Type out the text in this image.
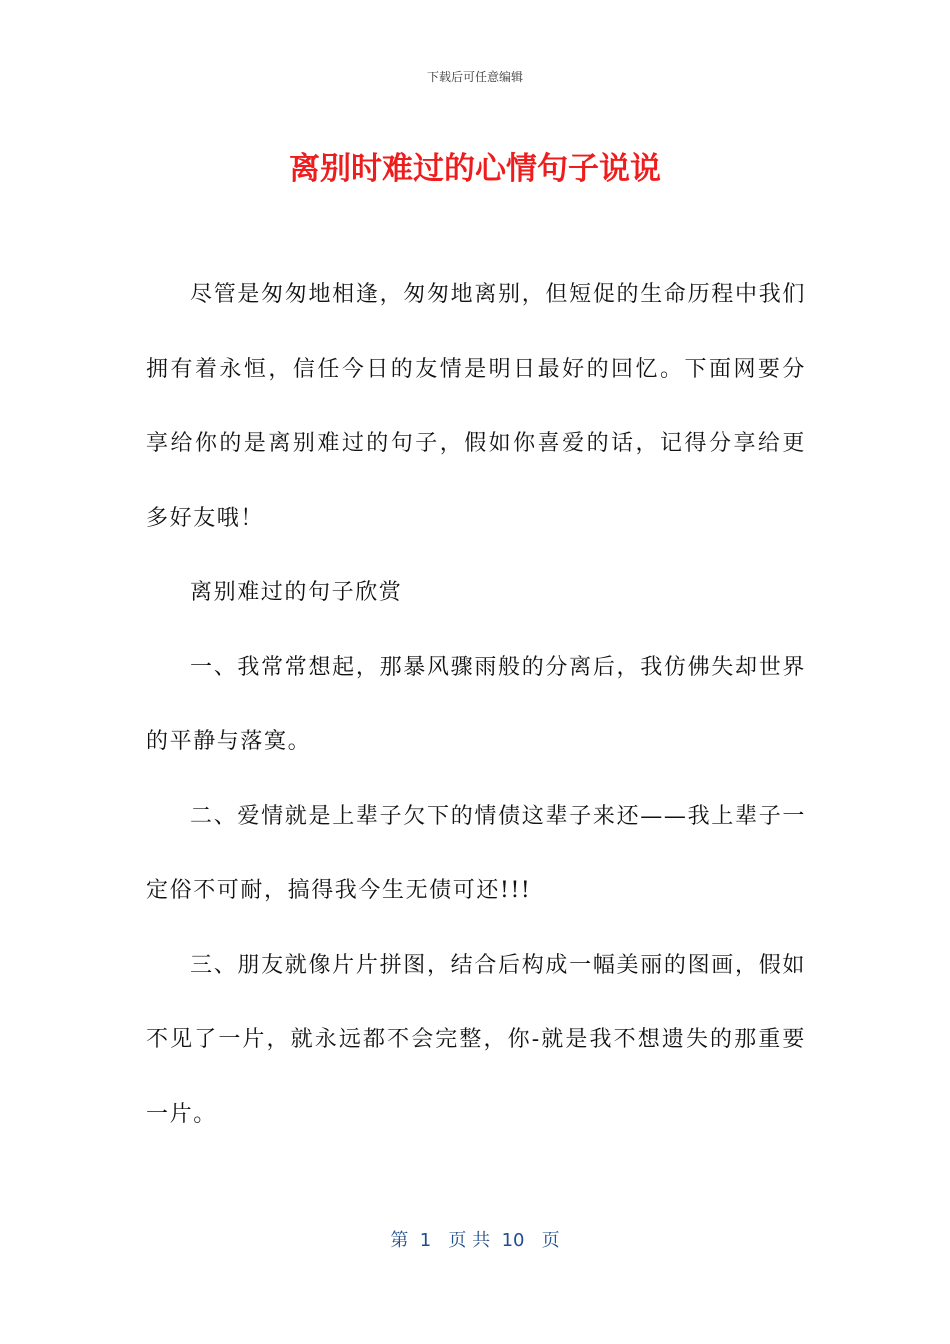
下载后可任意编辑
离别时难过的心情句子说说

尽管是匆匆地相逢，匆匆地离别，但短促的生命历程中我们拥有着永恒，信任今日的友情是明日最好的回忆。下面网要分享给你的是离别难过的句子，假如你喜爱的话，记得分享给更多好友哦！

离别难过的句子欣赏

一、我常常想起，那暴风骤雨般的分离后，我仿佛失却世界的平静与落寞。

二、爱情就是上辈子欠下的情债这辈子来还——我上辈子一定俗不可耐，搞得我今生无债可还!!!

三、朋友就像片片拼图，结合后构成一幅美丽的图画，假如不见了一片，就永远都不会完整，你-就是我不想遗失的那重要一片。

第  1   页 共  10   页
